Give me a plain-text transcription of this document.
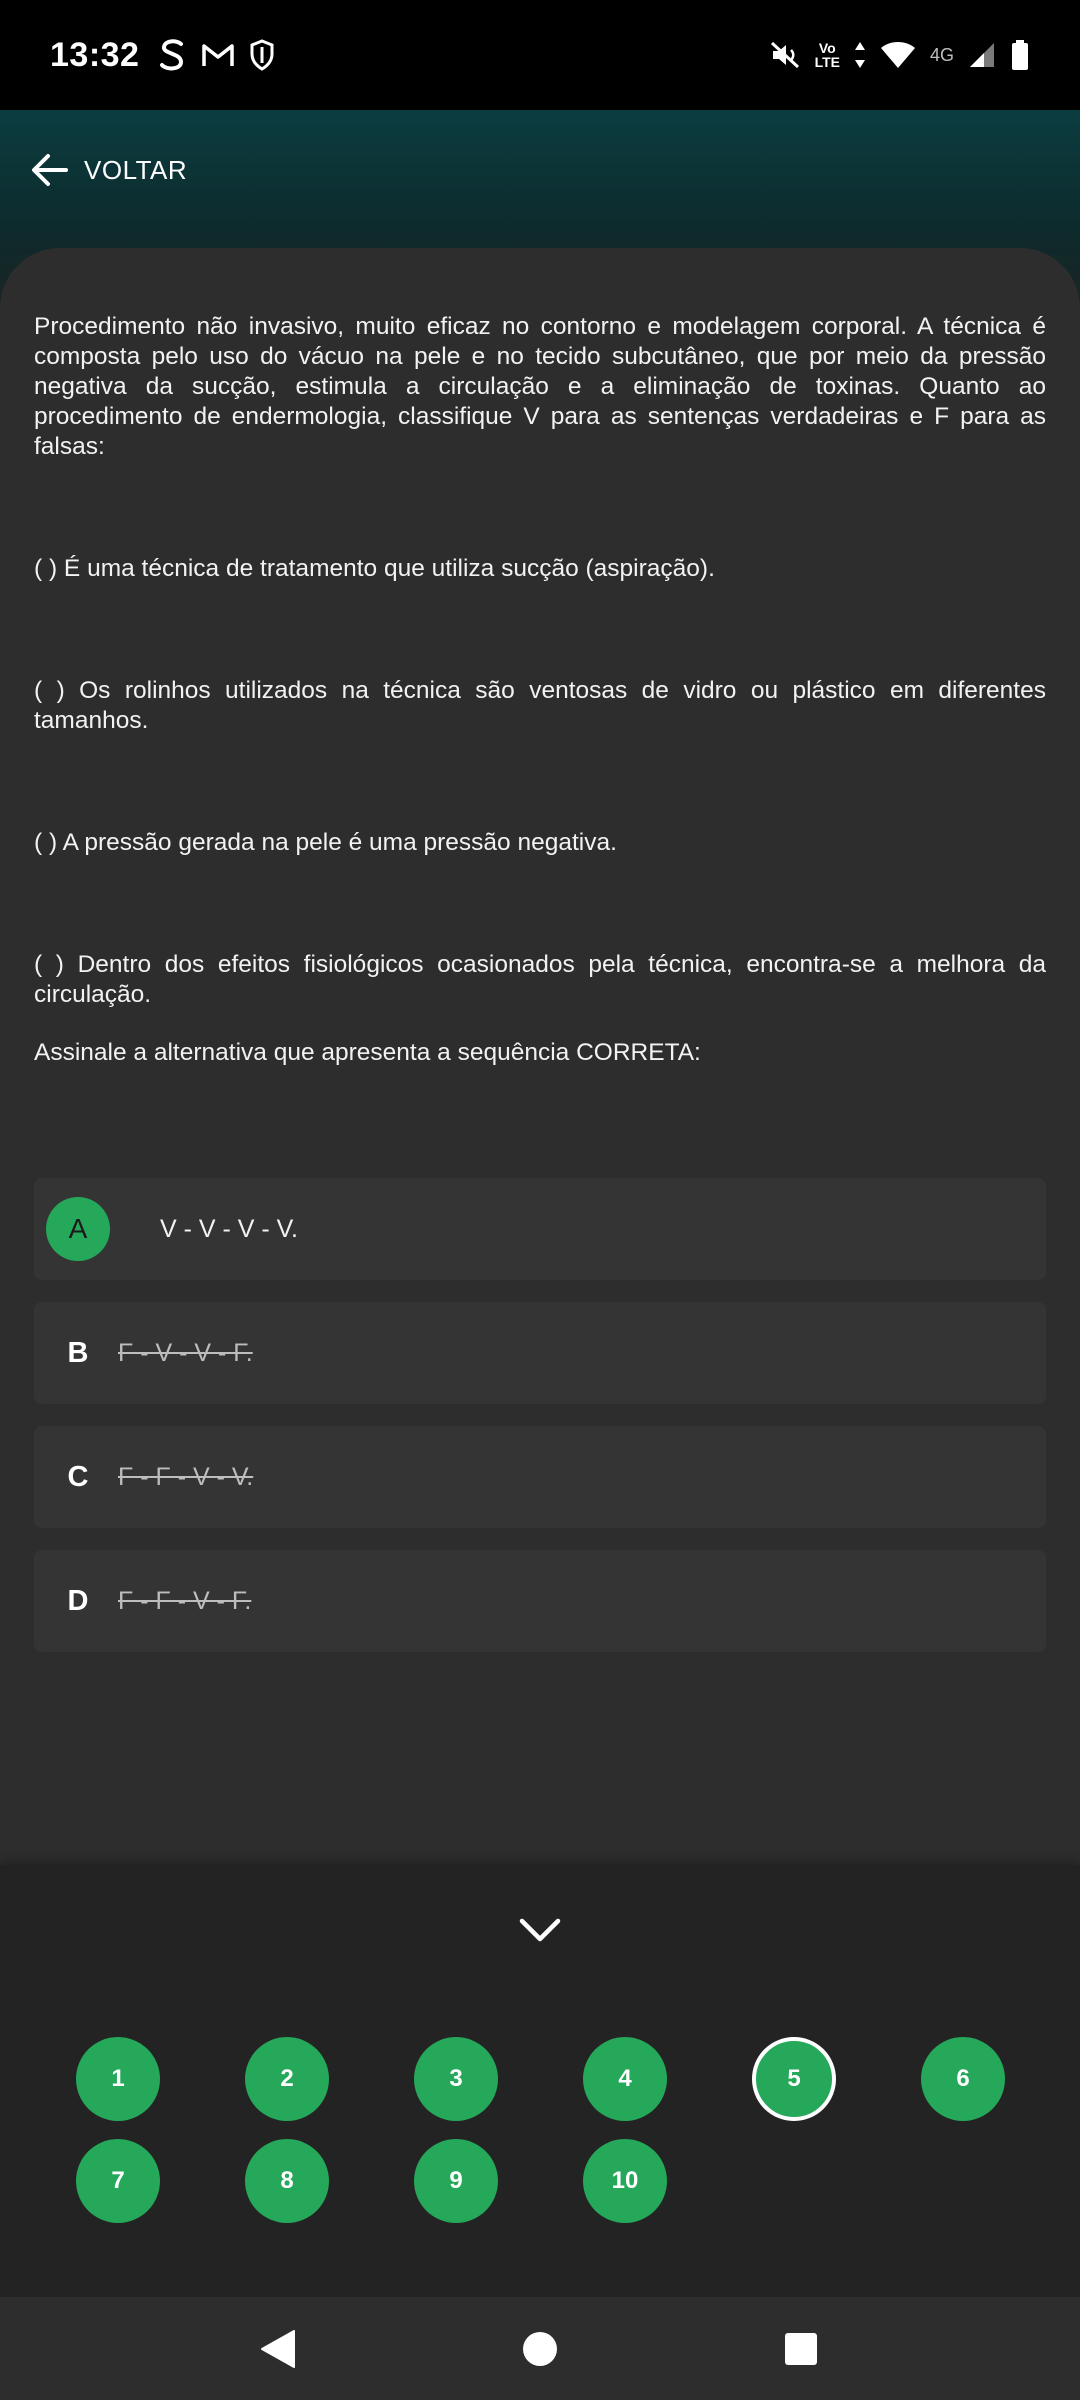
13:32	Vo
LTE	4G
VOLTAR

Procedimento não invasivo, muito eficaz no contorno e modelagem corporal. A técnica é composta pelo uso do vácuo na pele e no tecido subcutâneo, que por meio da pressão negativa da sucção, estimula a circulação e a eliminação de toxinas. Quanto ao procedimento de endermologia, classifique V para as sentenças verdadeiras e F para as falsas:

( ) É uma técnica de tratamento que utiliza sucção (aspiração).

( ) Os rolinhos utilizados na técnica são ventosas de vidro ou plástico em diferentes tamanhos.

( ) A pressão gerada na pele é uma pressão negativa.

( ) Dentro dos efeitos fisiológicos ocasionados pela técnica, encontra-se a melhora da circulação.

Assinale a alternativa que apresenta a sequência CORRETA:

A	V - V - V - V.
B	F - V - V - F.
C	F - F - V - V.
D	F - F - V - F.
1	2	3	4	5	6
7	8	9	10
